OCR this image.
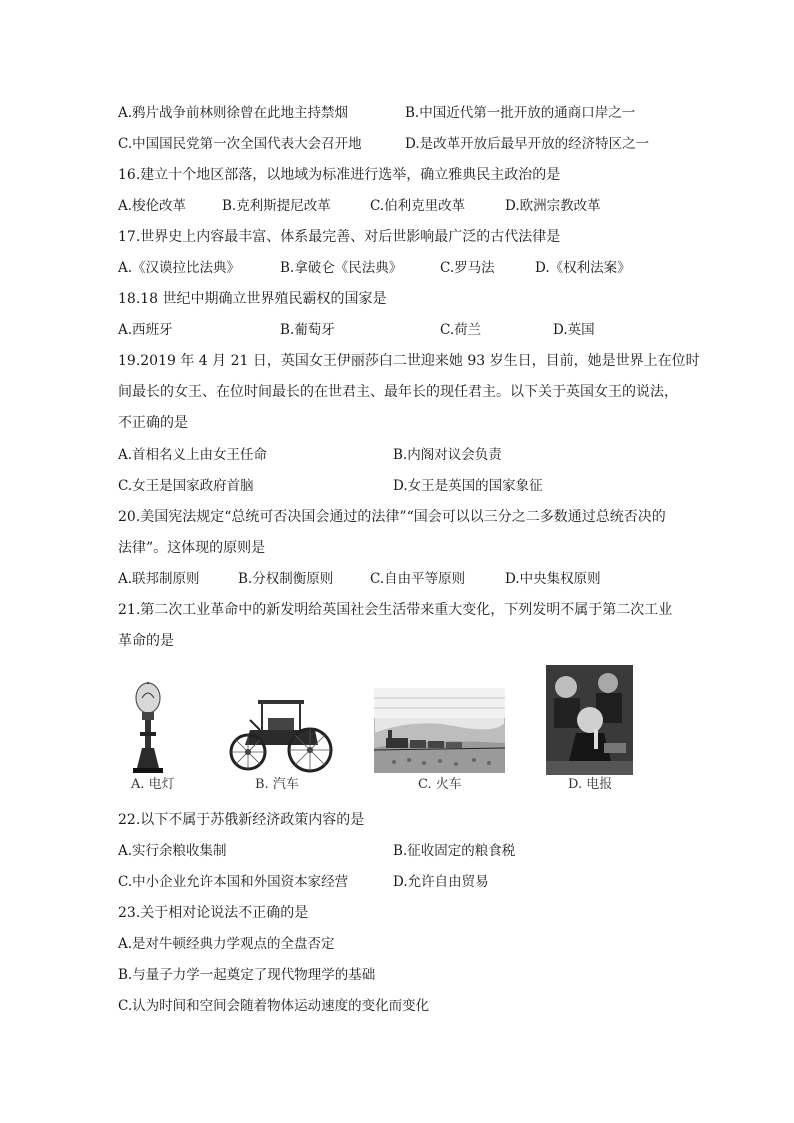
A.鸦片战争前林则徐曾在此地主持禁烟	B.中国近代第一批开放的通商口岸之一
C.中国国民党第一次全国代表大会召开地	D.是改革开放后最早开放的经济特区之一
16.建立十个地区部落，以地域为标准进行选举，确立雅典民主政治的是
A.梭伦改革	B.克利斯提尼改革	C.伯利克里改革	D.欧洲宗教改革
17.世界史上内容最丰富、体系最完善、对后世影响最广泛的古代法律是
A.《汉谟拉比法典》	B.拿破仑《民法典》	C.罗马法	D.《权利法案》
18.18 世纪中期确立世界殖民霸权的国家是
A.西班牙	B.葡萄牙	C.荷兰	D.英国
19.2019 年 4 月 21 日，英国女王伊丽莎白二世迎来她 93 岁生日，目前，她是世界上在位时
间最长的女王、在位时间最长的在世君主、最年长的现任君主。以下关于英国女王的说法，
不正确的是
A.首相名义上由女王任命	B.内阁对议会负责
C.女王是国家政府首脑	D.女王是英国的国家象征
20.美国宪法规定“总统可否决国会通过的法律”“国会可以以三分之二多数通过总统否决的
法律”。这体现的原则是
A.联邦制原则	B.分权制衡原则	C.自由平等原则	D.中央集权原则
21.第二次工业革命中的新发明给英国社会生活带来重大变化，下列发明不属于第二次工业
革命的是
A. 电灯	B. 汽车	C. 火车	D. 电报
22.以下不属于苏俄新经济政策内容的是
A.实行余粮收集制	B.征收固定的粮食税
C.中小企业允许本国和外国资本家经营	D.允许自由贸易
23.关于相对论说法不正确的是
A.是对牛顿经典力学观点的全盘否定
B.与量子力学一起奠定了现代物理学的基础
C.认为时间和空间会随着物体运动速度的变化而变化
